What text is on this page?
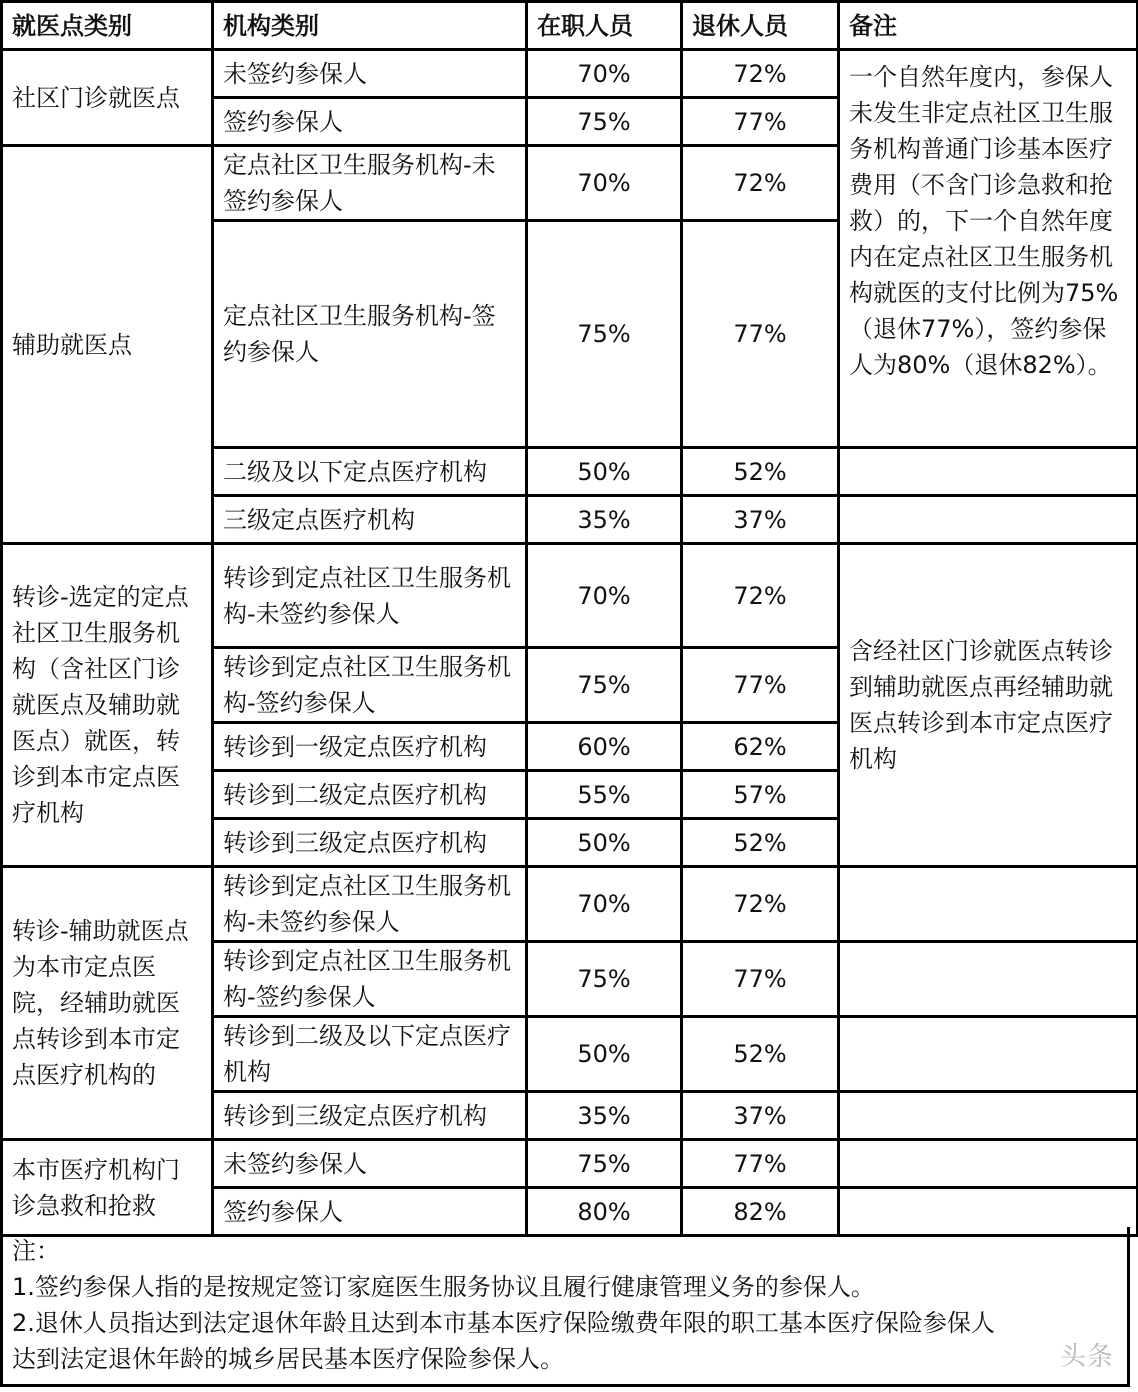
就医点类别	机构类别	在职人员	退休人员	备注
社区门诊就医点	未签约参保人	70%	72%	一个自然年度内，参保人未发生非定点社区卫生服务机构普通门诊基本医疗费用（不含门诊急救和抢救）的，下一个自然年度内在定点社区卫生服务机构就医的支付比例为75%（退休77%），签约参保人为80%（退休82%）。
	签约参保人	75%	77%	
辅助就医点	定点社区卫生服务机构-未签约参保人	70%	72%	
	定点社区卫生服务机构-签约参保人	75%	77%	
	二级及以下定点医疗机构	50%	52%	
	三级定点医疗机构	35%	37%	
转诊-选定的定点社区卫生服务机构（含社区门诊就医点及辅助就医点）就医，转诊到本市定点医疗机构	转诊到定点社区卫生服务机构-未签约参保人	70%	72%	含经社区门诊就医点转诊到辅助就医点再经辅助就医点转诊到本市定点医疗机构
	转诊到定点社区卫生服务机构-签约参保人	75%	77%	
	转诊到一级定点医疗机构	60%	62%	
	转诊到二级定点医疗机构	55%	57%	
	转诊到三级定点医疗机构	50%	52%	
转诊-辅助就医点为本市定点医院，经辅助就医点转诊到本市定点医疗机构的	转诊到定点社区卫生服务机构-未签约参保人	70%	72%	
	转诊到定点社区卫生服务机构-签约参保人	75%	77%	
	转诊到二级及以下定点医疗机构	50%	52%	
	转诊到三级定点医疗机构	35%	37%	
本市医疗机构门诊急救和抢救	未签约参保人	75%	77%	
	签约参保人	80%	82%	
注：
1.签约参保人指的是按规定签订家庭医生服务协议且履行健康管理义务的参保人。
2.退休人员指达到法定退休年龄且达到本市基本医疗保险缴费年限的职工基本医疗保险参保人
达到法定退休年龄的城乡居民基本医疗保险参保人。	头条
